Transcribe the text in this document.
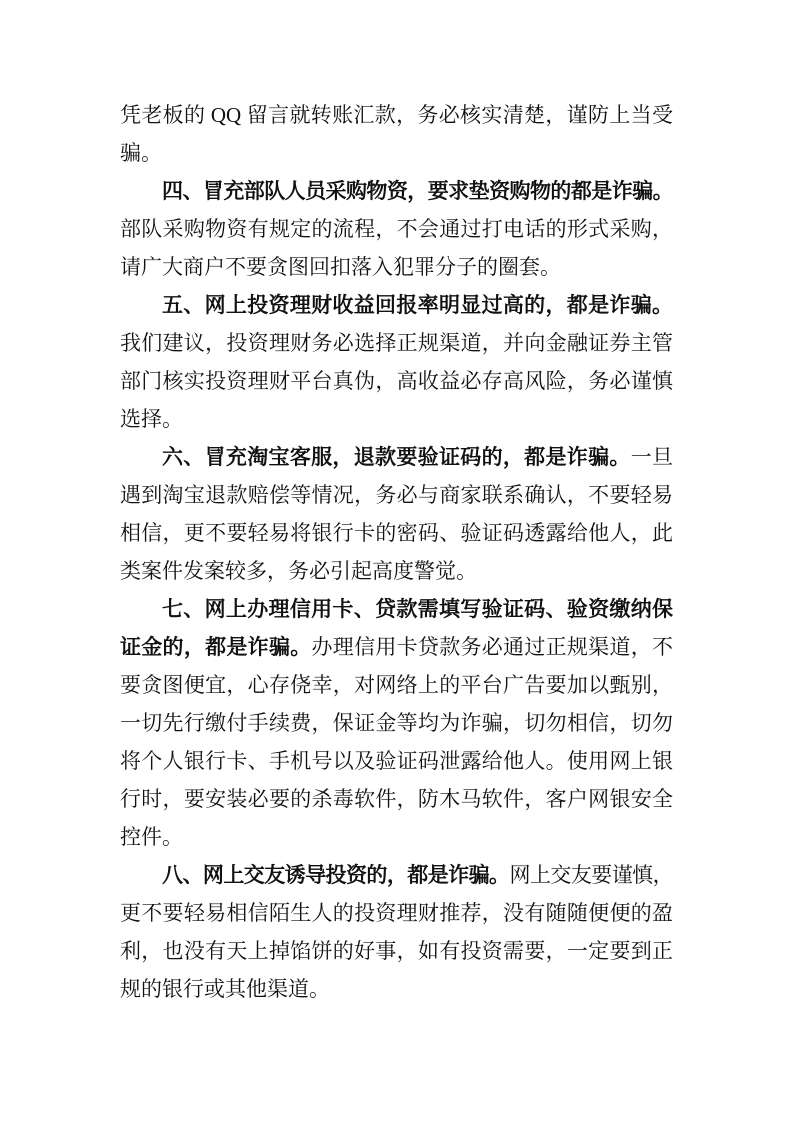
凭老板的 QQ 留言就转账汇款，务必核实清楚，谨防上当受
骗。
四、冒充部队人员采购物资，要求垫资购物的都是诈骗。
部队采购物资有规定的流程，不会通过打电话的形式采购，
请广大商户不要贪图回扣落入犯罪分子的圈套。
五、网上投资理财收益回报率明显过高的，都是诈骗。
我们建议，投资理财务必选择正规渠道，并向金融证券主管
部门核实投资理财平台真伪，高收益必存高风险，务必谨慎
选择。
六、冒充淘宝客服，退款要验证码的，都是诈骗。一旦
遇到淘宝退款赔偿等情况，务必与商家联系确认，不要轻易
相信，更不要轻易将银行卡的密码、验证码透露给他人，此
类案件发案较多，务必引起高度警觉。
七、网上办理信用卡、贷款需填写验证码、验资缴纳保
证金的，都是诈骗。办理信用卡贷款务必通过正规渠道，不
要贪图便宜，心存侥幸，对网络上的平台广告要加以甄别，
一切先行缴付手续费，保证金等均为诈骗，切勿相信，切勿
将个人银行卡、手机号以及验证码泄露给他人。使用网上银
行时，要安装必要的杀毒软件，防木马软件，客户网银安全
控件。
八、网上交友诱导投资的，都是诈骗。网上交友要谨慎，
更不要轻易相信陌生人的投资理财推荐，没有随随便便的盈
利，也没有天上掉馅饼的好事，如有投资需要，一定要到正
规的银行或其他渠道。
